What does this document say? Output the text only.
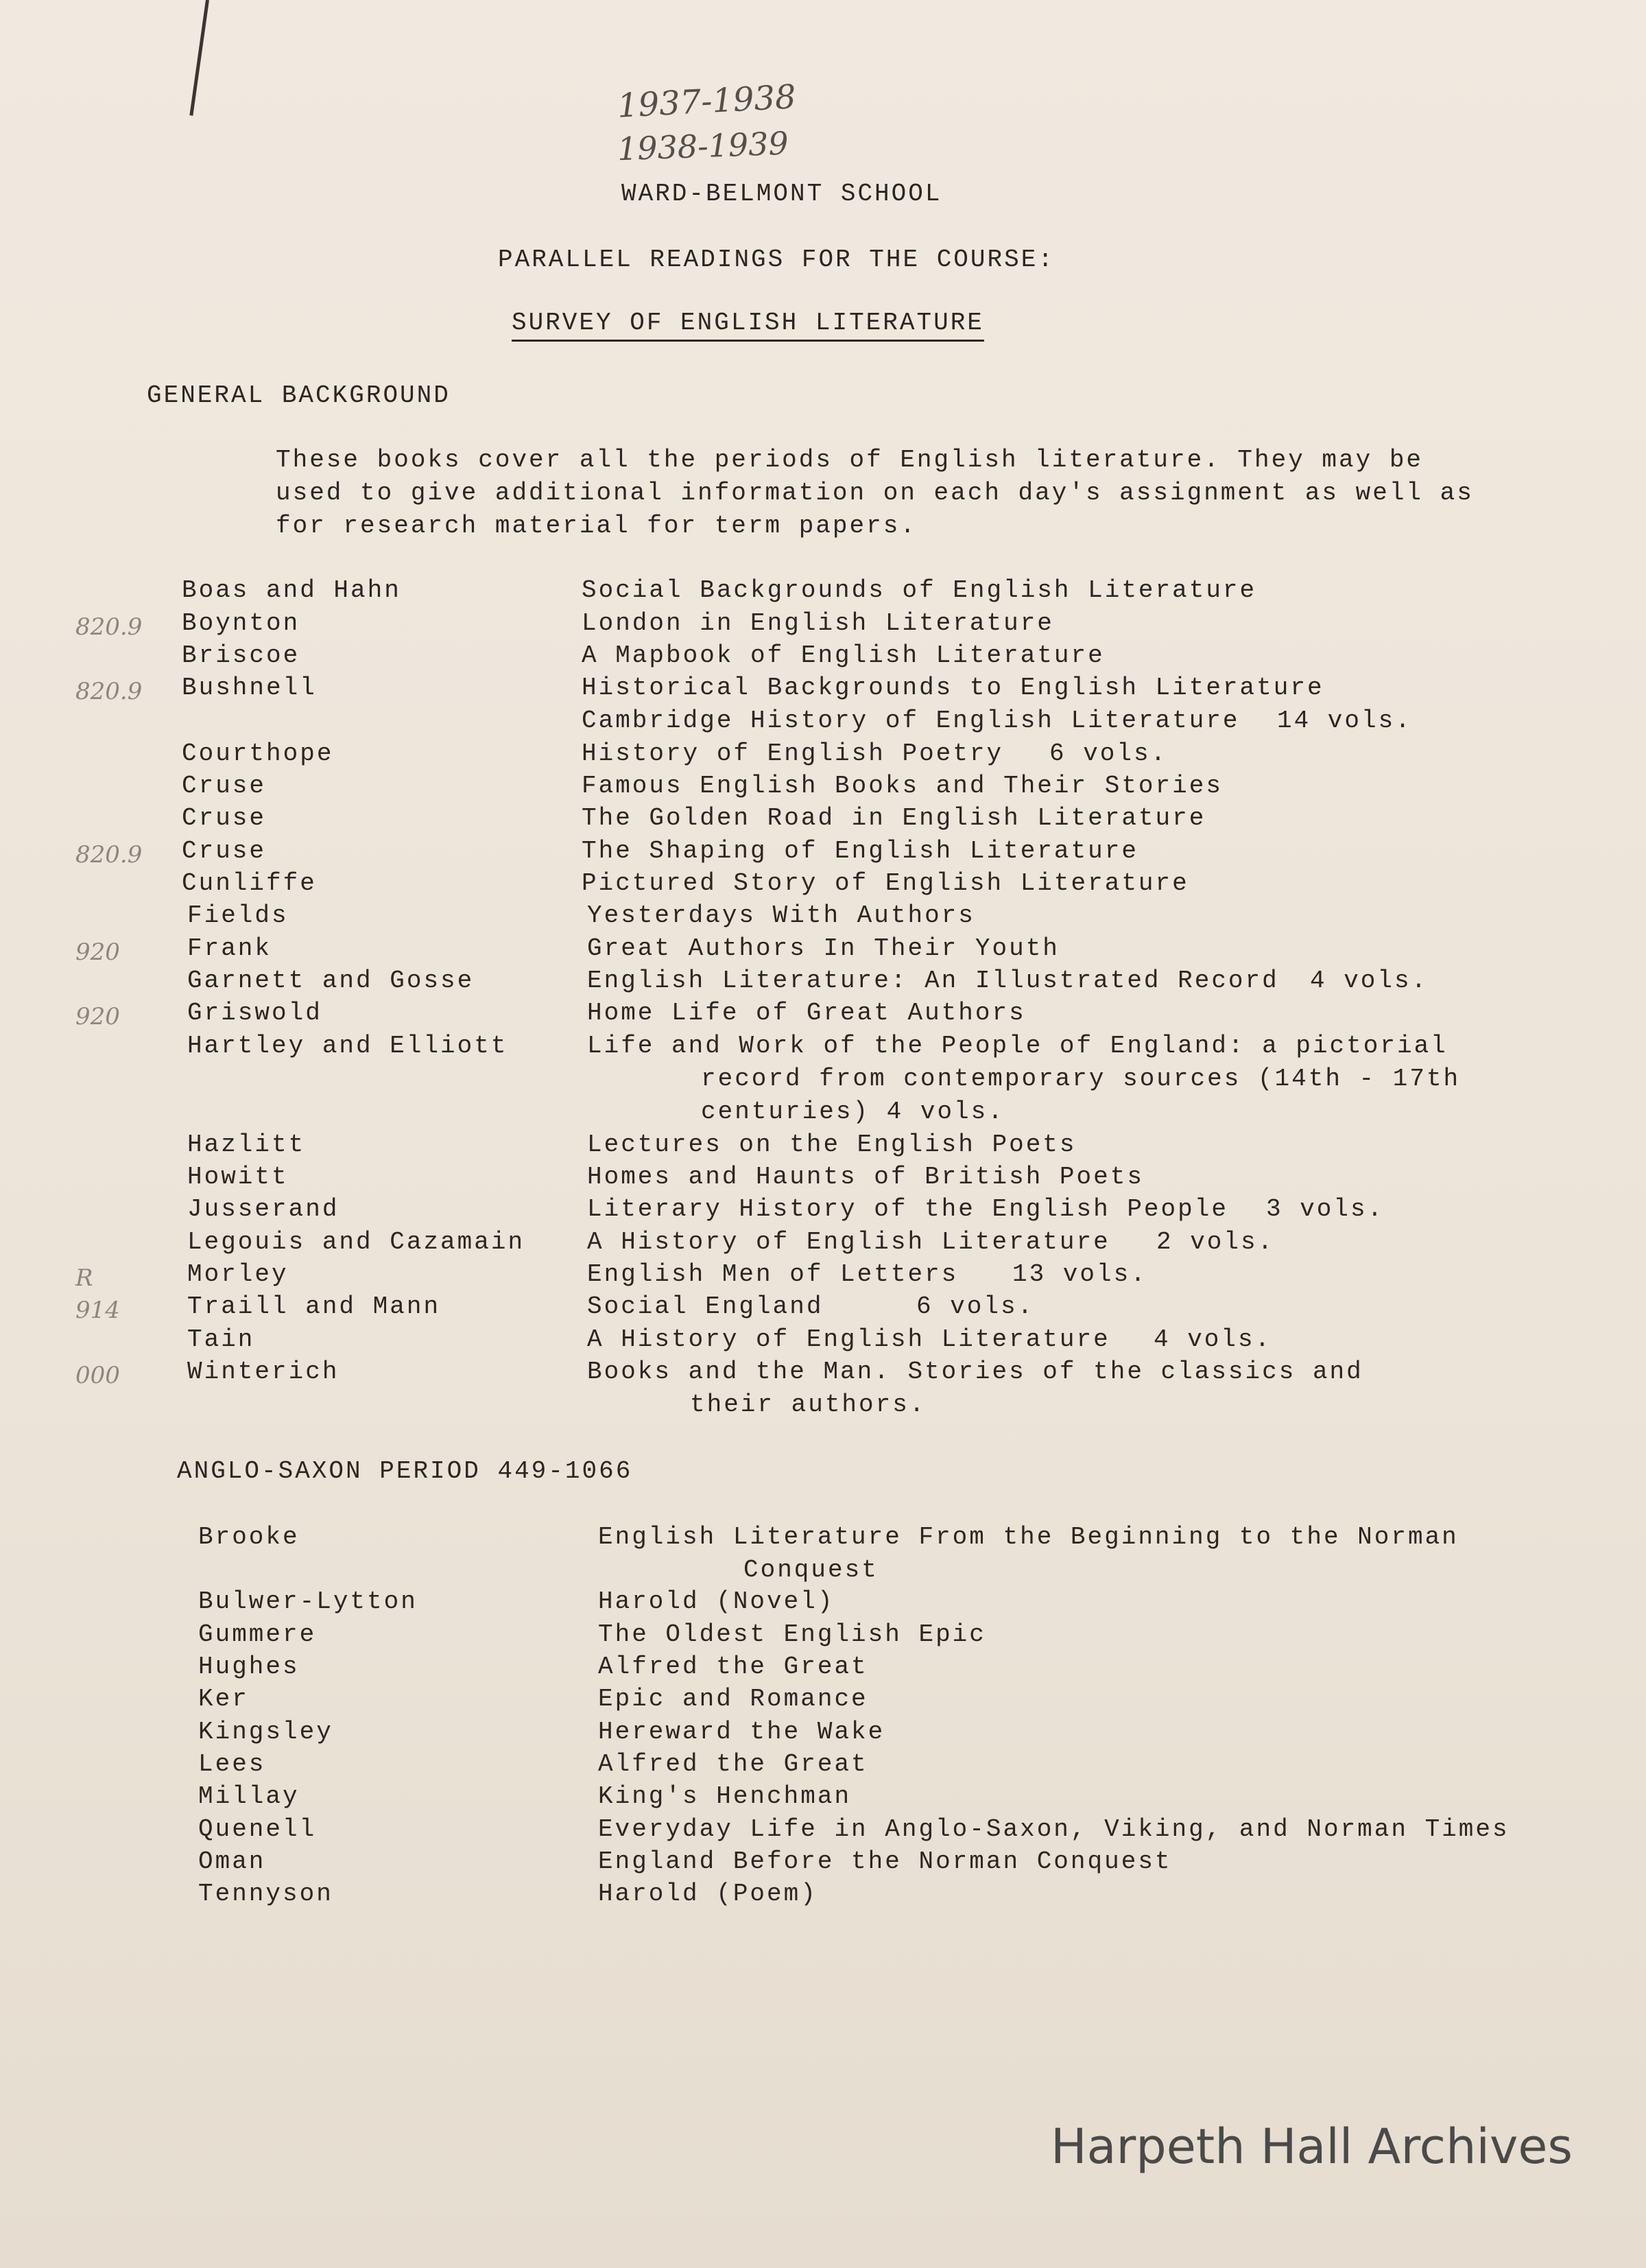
1937-1938
1938-1939
WARD-BELMONT SCHOOL
PARALLEL READINGS FOR THE COURSE:
SURVEY OF ENGLISH LITERATURE
GENERAL BACKGROUND
These books cover all the periods of English literature. They may be
used to give additional information on each day's assignment as well as
for research material for term papers.
Boas and Hahn	Social Backgrounds of English Literature
820.9 Boynton	London in English Literature
Briscoe	A Mapbook of English Literature
820.9 Bushnell	Historical Backgrounds to English Literature
Cambridge History of English Literature 14 vols.
Courthope	History of English Poetry 6 vols.
Cruse	Famous English Books and Their Stories
Cruse	The Golden Road in English Literature
820.9 Cruse	The Shaping of English Literature
Cunliffe	Pictured Story of English Literature
Fields	Yesterdays With Authors
920	Frank	Great Authors In Their Youth
Garnett and Gosse	English Literature: An Illustrated Record 4 vols.
920	Griswold	Home Life of Great Authors
Hartley and Elliott	Life and Work of the People of England: a pictorial
record from contemporary sources (14th - 17th
centuries) 4 vols.
Hazlitt	Lectures on the English Poets
Howitt	Homes and Haunts of British Poets
Jusserand	Literary History of the English People 3 vols.
Legouis and Cazamain	A History of English Literature 2 vols.
R	Morley	English Men of Letters 13 vols.
914	Traill and Mann	Social England	6 vols.
Tain	A History of English Literature 4 vols.
000	Winterich	Books and the Man. Stories of the classics and
their authors.
ANGLO-SAXON PERIOD 449-1066
Brooke	English Literature From the Beginning to the Norman
Conquest
Bulwer-Lytton	Harold (Novel)
Gummere	The Oldest English Epic
Hughes	Alfred the Great
Ker	Epic and Romance
Kingsley	Hereward the Wake
Lees	Alfred the Great
Millay	King's Henchman
Quenell	Everyday Life in Anglo-Saxon, Viking, and Norman Times
Oman	England Before the Norman Conquest
Tennyson	Harold (Poem)
Harpeth Hall Archives
